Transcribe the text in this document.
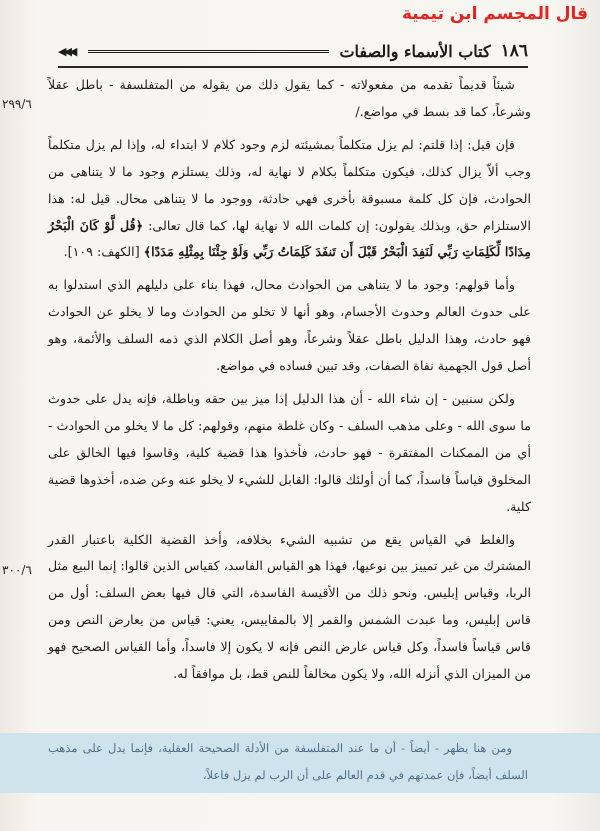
قال المجسم ابن تيمية
١٨٦
كتاب الأسماء والصفات
◀◀◀
٢٩٩/٦
٣٠٠/٦

شيئاً قديماً تقدمه من مفعولاته - كما يقول ذلك من يقوله من المتفلسفة - باطل عقلاً وشرعاً، كما قد بسط في مواضع./

فإن قيل: إذا قلتم: لم يزل متكلماً بمشيئته لزم وجود كلام لا ابتداء له، وإذا لم يزل متكلماً وجب ألاّ يزال كذلك، فيكون متكلماً بكلام لا نهاية له، وذلك يستلزم وجود ما لا يتناهى من الحوادث، فإن كل كلمة مسبوقة بأخرى فهي حادثة، ووجود ما لا يتناهى محال. قيل له: هذا الاستلزام حق، وبذلك يقولون: إن كلمات الله لا نهاية لها، كما قال تعالى: ﴿قُل لَّوْ كَانَ الْبَحْرُ مِدَادًا لِّكَلِمَاتِ رَبِّي لَنَفِدَ الْبَحْرُ قَبْلَ أَن تَنفَدَ كَلِمَاتُ رَبِّي وَلَوْ جِئْنَا بِمِثْلِهِ مَدَدًا﴾ [الكهف: ١٠٩].

وأما قولهم: وجود ما لا يتناهى من الحوادث محال، فهذا بناء على دليلهم الذي استدلوا به على حدوث العالم وحدوث الأجسام، وهو أنها لا تخلو من الحوادث وما لا يخلو عن الحوادث فهو حادث، وهذا الدليل باطل عقلاً وشرعاً، وهو أصل الكلام الذي ذمه السلف والأئمة، وهو أصل قول الجهمية نفاة الصفات، وقد تبين فساده في مواضع.

ولكن سنبين - إن شاء الله - أن هذا الدليل إذا ميز بين حقه وباطلة، فإنه يدل على حدوث ما سوى الله - وعلى مذهب السلف - وكان غلطة منهم، وقولهم: كل ما لا يخلو من الحوادث - أي من الممكنات المفتقرة - فهو حادث، فأخذوا هذا قضية كلية، وقاسوا فيها الخالق على المخلوق قياساً فاسداً، كما أن أولئك قالوا: القابل للشيء لا يخلو عنه وعن ضده، أخذوها قضية كلية.

والغلط في القياس يقع من تشبيه الشيء بخلافه، وأخذ القضية الكلية باعتبار القدر المشترك من غير تمييز بين نوعيها، فهذا هو القياس الفاسد، كقياس الذين قالوا: إنما البيع مثل الربا، وقياس إبليس. ونحو ذلك من الأقيسة الفاسدة، التي قال فيها بعض السلف: أول من قاس إبليس، وما عبدت الشمس والقمر إلا بالمقاييس، يعني: قياس من يعارض النص ومن قاس قياساً فاسداً، وكل قياس عارض النص فإنه لا يكون إلا فاسداً، وأما القياس الصحيح فهو من الميزان الذي أنزله الله، ولا يكون مخالفاً للنص قط، بل موافقاً له.

ومن هنا يظهر - أيضاً - أن ما عند المتفلسفة من الأدلة الصحيحة العقلية، فإنما يدل على مذهب السلف أيضاً، فإن عمدتهم في قدم العالم على أن الرب لم يزل فاعلاً،
